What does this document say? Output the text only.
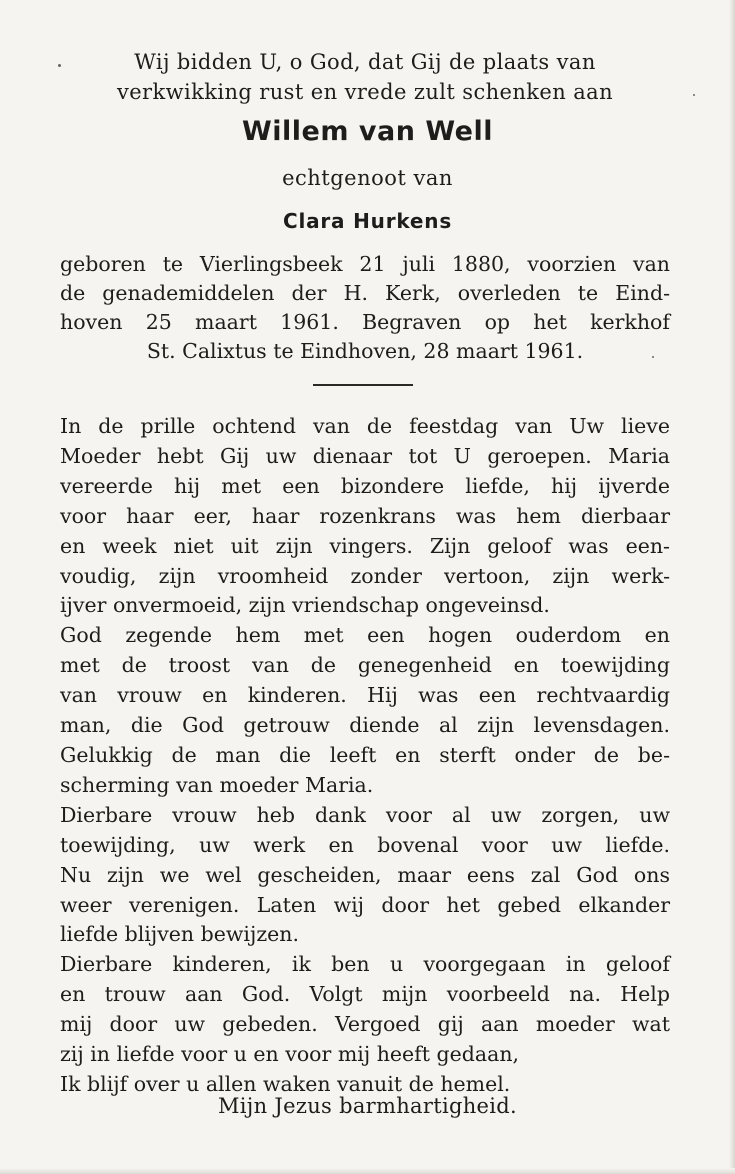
Wij bidden U, o God, dat Gij de plaats van
verkwikking rust en vrede zult schenken aan
Willem van Well
echtgenoot van
Clara Hurkens
geboren te Vierlingsbeek 21 juli 1880, voorzien van
de genademiddelen der H. Kerk, overleden te Eind-
hoven 25 maart 1961. Begraven op het kerkhof
St. Calixtus te Eindhoven, 28 maart 1961.
In de prille ochtend van de feestdag van Uw lieve
Moeder hebt Gij uw dienaar tot U geroepen. Maria
vereerde hij met een bizondere liefde, hij ijverde
voor haar eer, haar rozenkrans was hem dierbaar
en week niet uit zijn vingers. Zijn geloof was een-
voudig, zijn vroomheid zonder vertoon, zijn werk-
ijver onvermoeid, zijn vriendschap ongeveinsd.
God zegende hem met een hogen ouderdom en
met de troost van de genegenheid en toewijding
van vrouw en kinderen. Hij was een rechtvaardig
man, die God getrouw diende al zijn levensdagen.
Gelukkig de man die leeft en sterft onder de be-
scherming van moeder Maria.
Dierbare vrouw heb dank voor al uw zorgen, uw
toewijding, uw werk en bovenal voor uw liefde.
Nu zijn we wel gescheiden, maar eens zal God ons
weer verenigen. Laten wij door het gebed elkander
liefde blijven bewijzen.
Dierbare kinderen, ik ben u voorgegaan in geloof
en trouw aan God. Volgt mijn voorbeeld na. Help
mij door uw gebeden. Vergoed gij aan moeder wat
zij in liefde voor u en voor mij heeft gedaan,
Ik blijf over u allen waken vanuit de hemel.
Mijn Jezus barmhartigheid.
